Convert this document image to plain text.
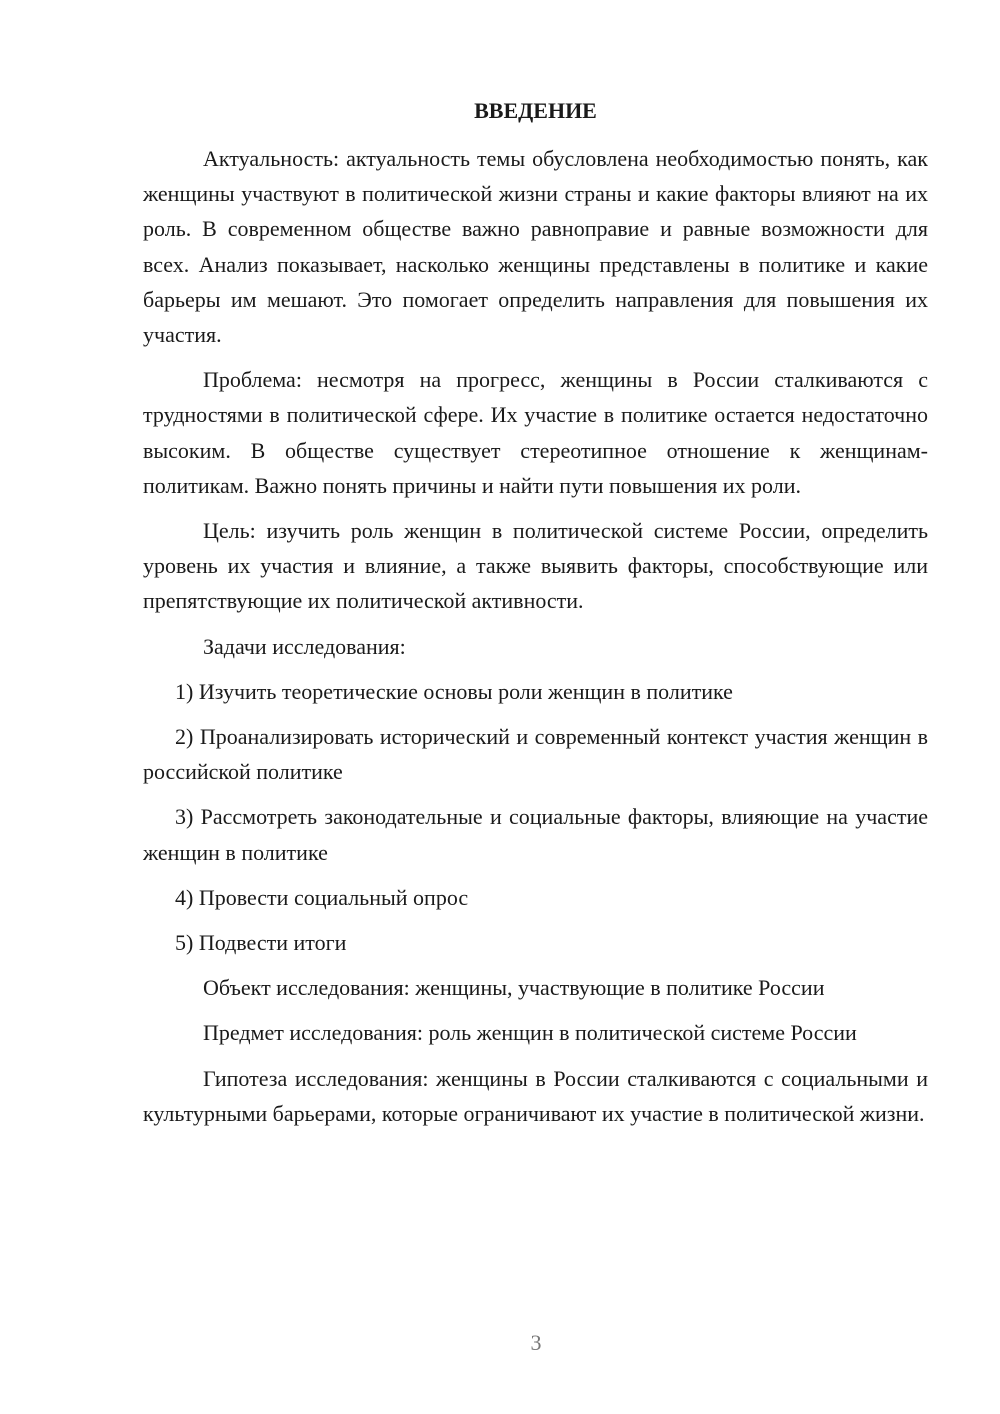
ВВЕДЕНИЕ

Актуальность: актуальность темы обусловлена необходимостью понять, как женщины участвуют в политической жизни страны и какие факторы влияют на их роль. В современном обществе важно равноправие и равные возможности для всех. Анализ показывает, насколько женщины представлены в политике и какие барьеры им мешают. Это помогает определить направления для повышения их участия.

Проблема: несмотря на прогресс, женщины в России сталкиваются с трудностями в политической сфере. Их участие в политике остается недостаточно высоким. В обществе существует стереотипное отношение к женщинам-политикам. Важно понять причины и найти пути повышения их роли.

Цель: изучить роль женщин в политической системе России, определить уровень их участия и влияние, а также выявить факторы, способствующие или препятствующие их политической активности.

Задачи исследования:

1) Изучить теоретические основы роли женщин в политике

2) Проанализировать исторический и современный контекст участия женщин в российской политике

3) Рассмотреть законодательные и социальные факторы, влияющие на участие женщин в политике

4) Провести социальный опрос

5) Подвести итоги

Объект исследования: женщины, участвующие в политике России

Предмет исследования: роль женщин в политической системе России

Гипотеза исследования: женщины в России сталкиваются с социальными и культурными барьерами, которые ограничивают их участие в политической жизни.

3
